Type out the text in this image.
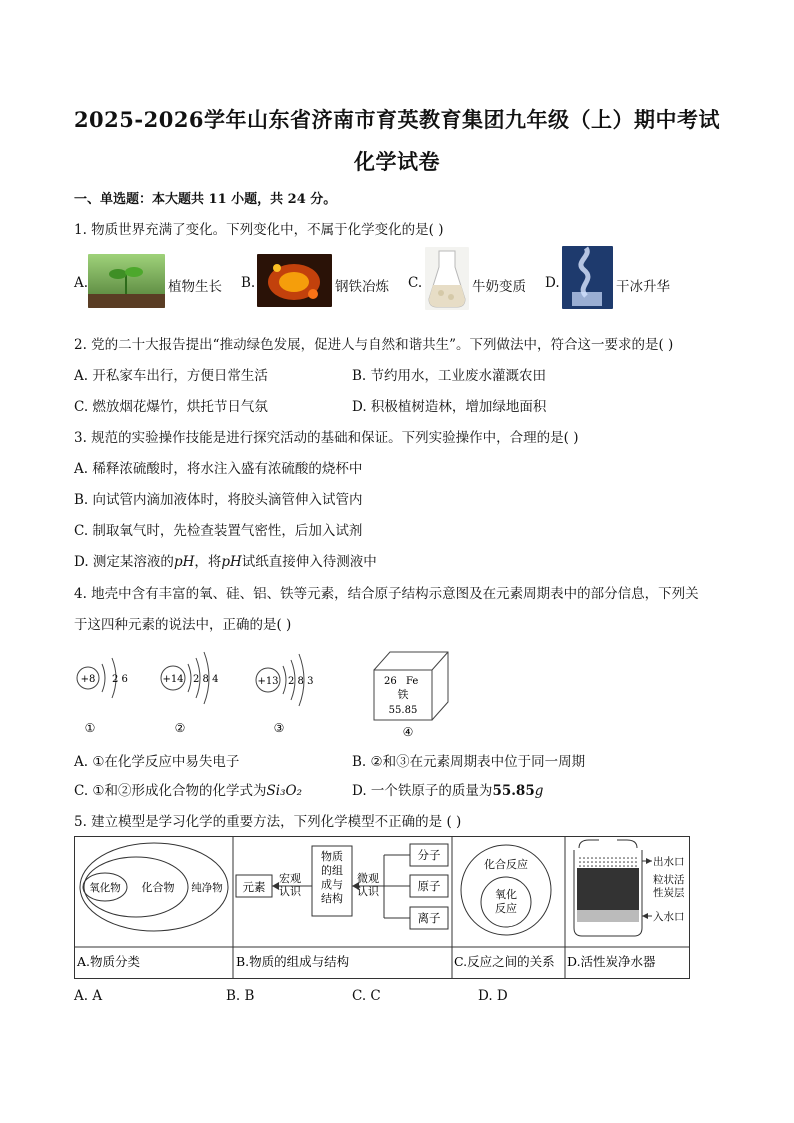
2025-2026学年山东省济南市育英教育集团九年级（上）期中考试
化学试卷
一、单选题：本大题共 11 小题，共 24 分。
1. 物质世界充满了变化。下列变化中，不属于化学变化的是( )
A.	植物生长 B.	钢铁冶炼 C.	牛奶变质 D.	干冰升华
2. 党的二十大报告提出“推动绿色发展，促进人与自然和谐共生”。下列做法中，符合这一要求的是( )
A. 开私家车出行，方便日常生活	B. 节约用水，工业废水灌溉农田
C. 燃放烟花爆竹，烘托节日气氛	D. 积极植树造林，增加绿地面积
3. 规范的实验操作技能是进行探究活动的基础和保证。下列实验操作中，合理的是( )
A. 稀释浓硫酸时，将水注入盛有浓硫酸的烧杯中
B. 向试管内滴加液体时，将胶头滴管伸入试管内
C. 制取氧气时，先检查装置气密性，后加入试剂
D. 测定某溶液的pH，将pH试纸直接伸入待测液中
4. 地壳中含有丰富的氧、硅、铝、铁等元素，结合原子结构示意图及在元素周期表中的部分信息，下列关
于这四种元素的说法中，正确的是( )
+8 2 6
①
+14 2 8 4
②
+13 2 8 3
③
26 Fe
铁
55.85
④
A. ①在化学反应中易失电子	B. ②和③在元素周期表中位于同一周期
C. ①和②形成化合物的化学式为Si₃O₂	D. 一个铁原子的质量为55.85g
5. 建立模型是学习化学的重要方法，下列化学模型不正确的是 ( )
氧化物 化合物 纯净物 元素
宏观认识
物质的组成与结构
微观认识
分子
原子
离子
化合反应
氧化反应
出水口
粒状活性炭层
入水口
A.物质分类	B.物质的组成与结构	C.反应之间的关系 D.活性炭净水器
A. A	B. B	C. C	D. D
